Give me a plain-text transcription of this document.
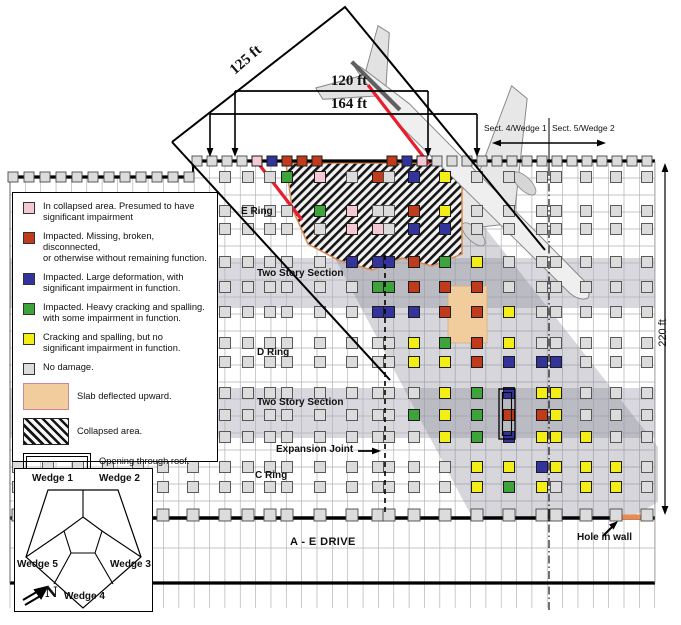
E Ring
Two Story Section
D Ring
Two Story Section
Expansion Joint
C Ring
A - E DRIVE	Hole in wall
Sect. 4/Wedge 1 Sect. 5/Wedge 2
120 ft
164 ft
125 ft
220 ft
In collapsed area. Presumed to have
significant impairment
Impacted. Missing, broken, disconnected,
or otherwise without remaining function.
Impacted. Large deformation, with
significant impairment in function.
Impacted. Heavy cracking and spalling.
with some impairment in function.
Cracking and spalling, but no
significant impairment in function.
No damage.
Slab deflected upward.
Collapsed area.
Opening through roof.
Wedge 1	Wedge 2
Wedge 3
Wedge 4
Wedge 5
N
